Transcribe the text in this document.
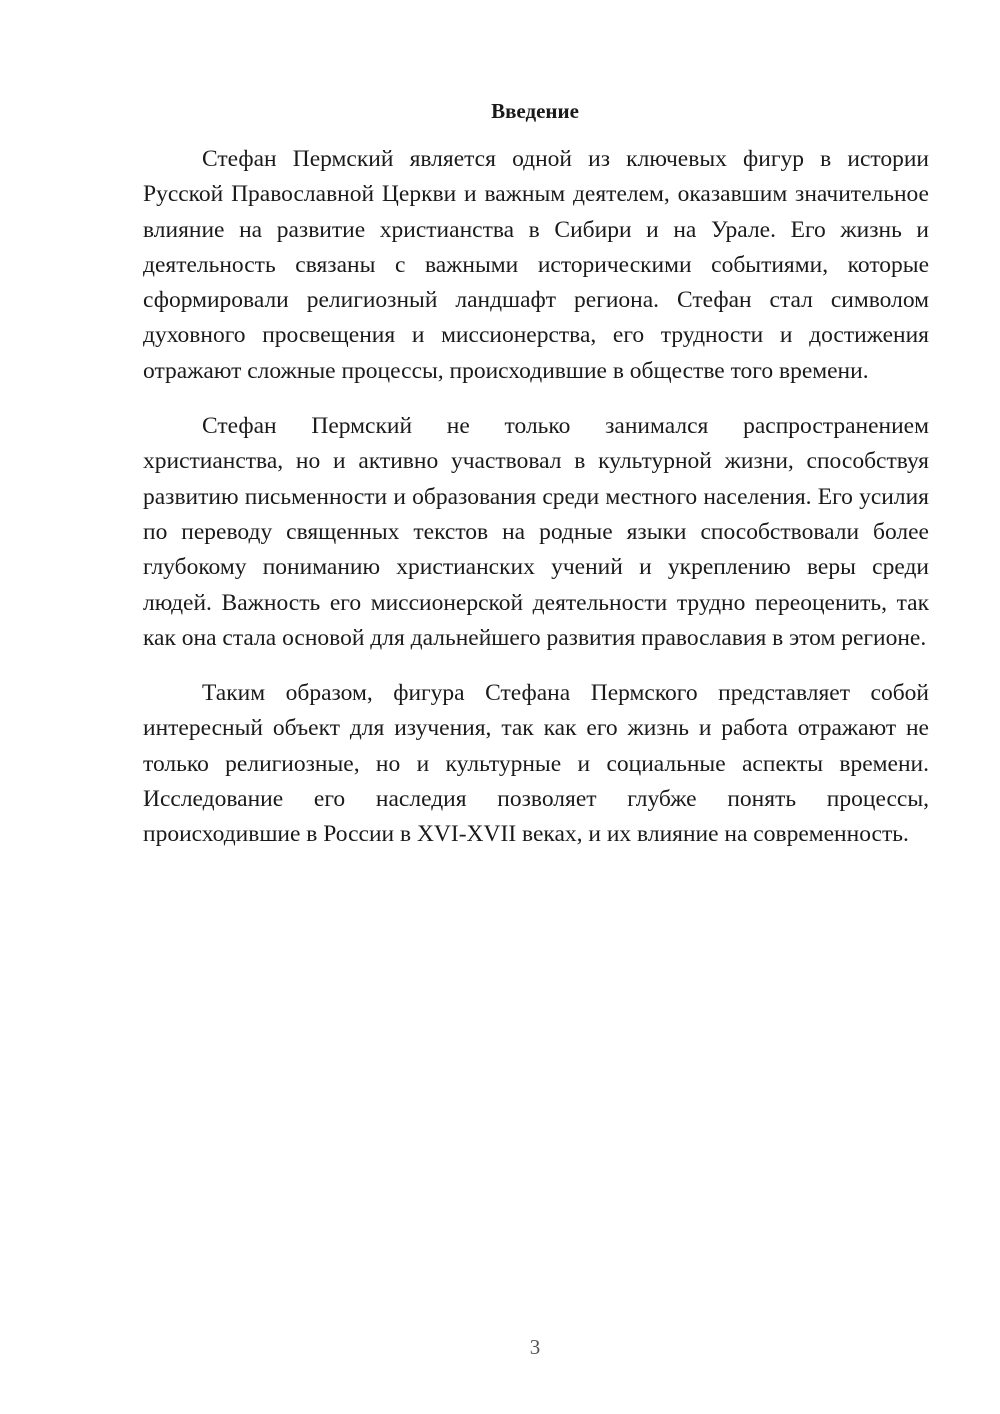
Введение

Стефан Пермский является одной из ключевых фигур в истории Русской Православной Церкви и важным деятелем, оказавшим значительное влияние на развитие христианства в Сибири и на Урале. Его жизнь и деятельность связаны с важными историческими событиями, которые сформировали религиозный ландшафт региона. Стефан стал символом духовного просвещения и миссионерства, его трудности и достижения отражают сложные процессы, происходившие в обществе того времени.

Стефан Пермский не только занимался распространением христианства, но и активно участвовал в культурной жизни, способствуя развитию письменности и образования среди местного населения. Его усилия по переводу священных текстов на родные языки способствовали более глубокому пониманию христианских учений и укреплению веры среди людей. Важность его миссионерской деятельности трудно переоценить, так как она стала основой для дальнейшего развития православия в этом регионе.

Таким образом, фигура Стефана Пермского представляет собой интересный объект для изучения, так как его жизнь и работа отражают не только религиозные, но и культурные и социальные аспекты времени. Исследование его наследия позволяет глубже понять процессы, происходившие в России в XVI-XVII веках, и их влияние на современность.

3
